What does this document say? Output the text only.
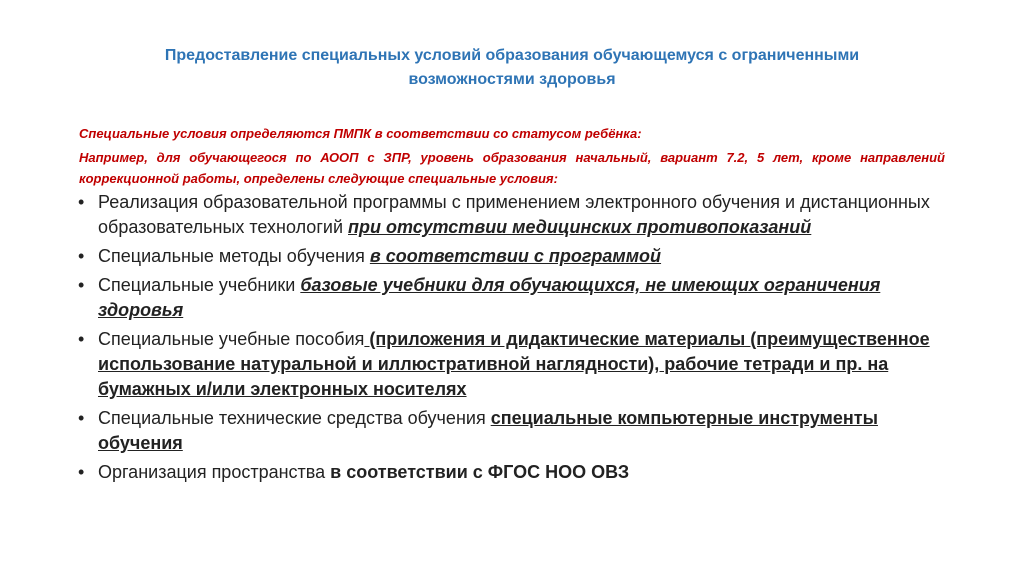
Предоставление специальных условий образования обучающемуся с ограниченными
возможностями здоровья

Специальные условия определяются ПМПК в соответствии со статусом ребёнка:

Например, для обучающегося по АООП с ЗПР, уровень образования начальный, вариант 7.2, 5 лет, кроме направлений коррекционной работы, определены следующие специальные условия:

• Реализация образовательной программы с применением электронного обучения и дистанционных образовательных технологий при отсутствии медицинских противопоказаний
• Специальные методы обучения в соответствии с программой
• Специальные учебники базовые учебники для обучающихся, не имеющих ограничения здоровья
• Специальные учебные пособия (приложения и дидактические материалы (преимущественное использование натуральной и иллюстративной наглядности), рабочие тетради и пр. на бумажных и/или электронных носителях
• Специальные технические средства обучения специальные компьютерные инструменты обучения
• Организация пространства в соответствии с ФГОС НОО ОВЗ
